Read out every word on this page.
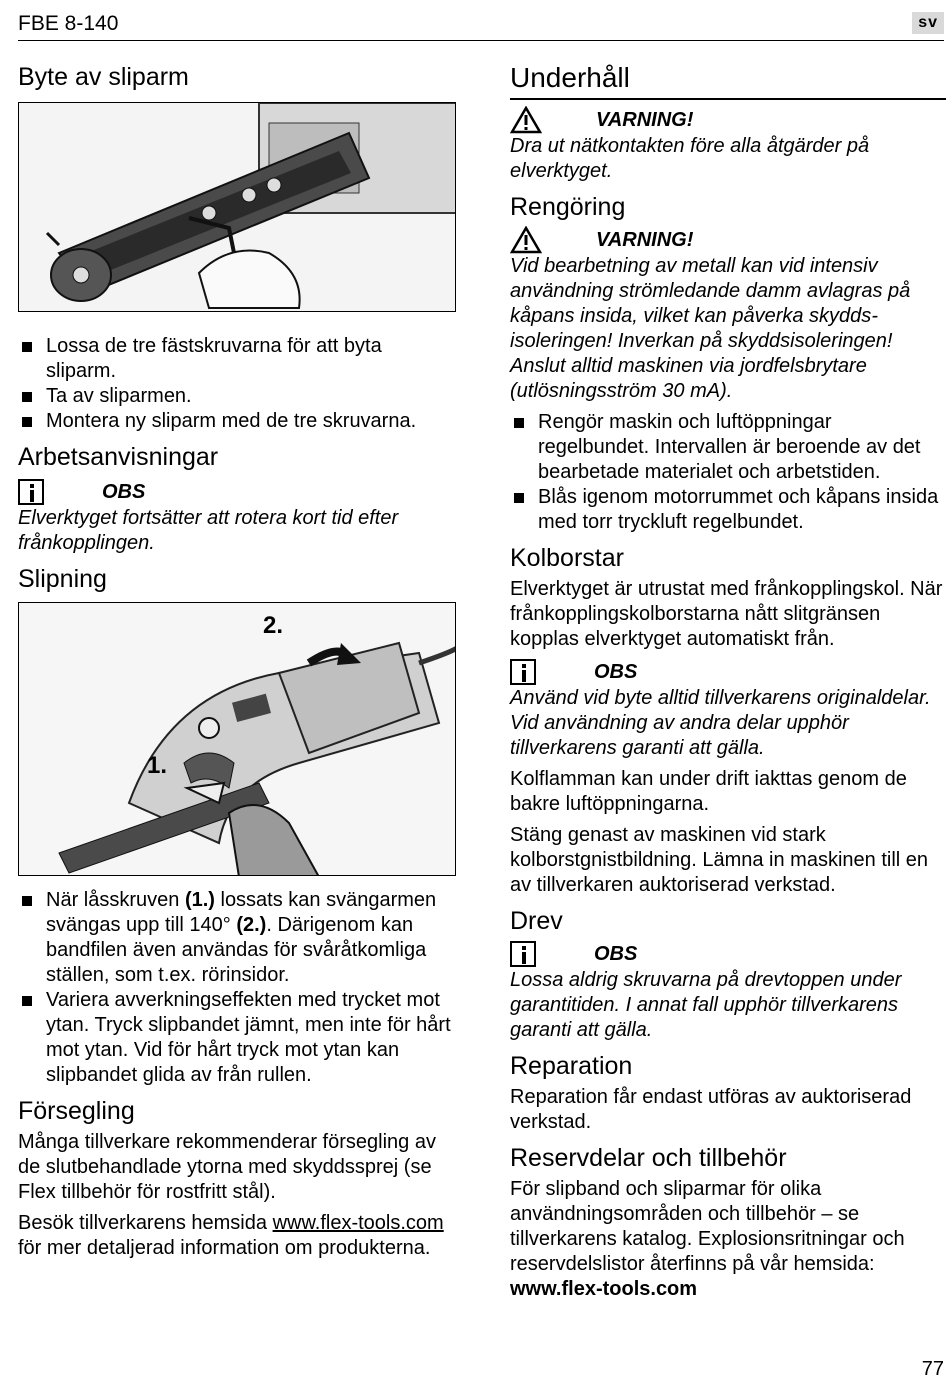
FBE 8-140	sv
Byte av sliparm
Lossa de tre fästskruvarna för att byta sliparm.
Ta av sliparmen.
Montera ny sliparm med de tre skruvarna.
Arbetsanvisningar
OBS
Elverktyget fortsätter att rotera kort tid efter frånkopplingen.
Slipning
1.
2.
När låsskruven (1.) lossats kan svängarmen svängas upp till 140° (2.). Därigenom kan bandfilen även användas för svåråtkomliga ställen, som t.ex. rörinsidor.
Variera avverkningseffekten med trycket mot ytan. Tryck slipbandet jämnt, men inte för hårt mot ytan. Vid för hårt tryck mot ytan kan slipbandet glida av från rullen.
Försegling

Många tillverkare rekommenderar försegling av de slutbehandlade ytorna med skyddssprej (se Flex tillbehör för rostfritt stål).

Besök tillverkarens hemsida www.flex-tools.com för mer detaljerad information om produkterna.

Underhåll
VARNING!
Dra ut nätkontakten före alla åtgärder på elverktyget.
Rengöring
VARNING!
Vid bearbetning av metall kan vid intensiv användning strömledande damm avlagras på kåpans insida, vilket kan påverka skyddsisoleringen! Inverkan på skyddsisoleringen! Anslut alltid maskinen via jordfelsbrytare (utlösningsström 30 mA).
Rengör maskin och luftöppningar regelbundet. Intervallen är beroende av det bearbetade materialet och arbetstiden.
Blås igenom motorrummet och kåpans insida med torr tryckluft regelbundet.
Kolborstar

Elverktyget är utrustat med frånkopplingskol. När frånkopplingskolborstarna nått slitgränsen kopplas elverktyget automatiskt från.

OBS
Använd vid byte alltid tillverkarens originaldelar. Vid användning av andra delar upphör tillverkarens garanti att gälla.

Kolflamman kan under drift iakttas genom de bakre luftöppningarna.

Stäng genast av maskinen vid stark kolborstgnistbildning. Lämna in maskinen till en av tillverkaren auktoriserad verkstad.

Drev
OBS
Lossa aldrig skruvarna på drevtoppen under garantitiden. I annat fall upphör tillverkarens garanti att gälla.
Reparation

Reparation får endast utföras av auktoriserad verkstad.

Reservdelar och tillbehör

För slipband och sliparmar för olika användningsområden och tillbehör – se tillverkarens katalog. Explosionsritningar och reservdelslistor återfinns på vår hemsida:

www.flex-tools.com

77
